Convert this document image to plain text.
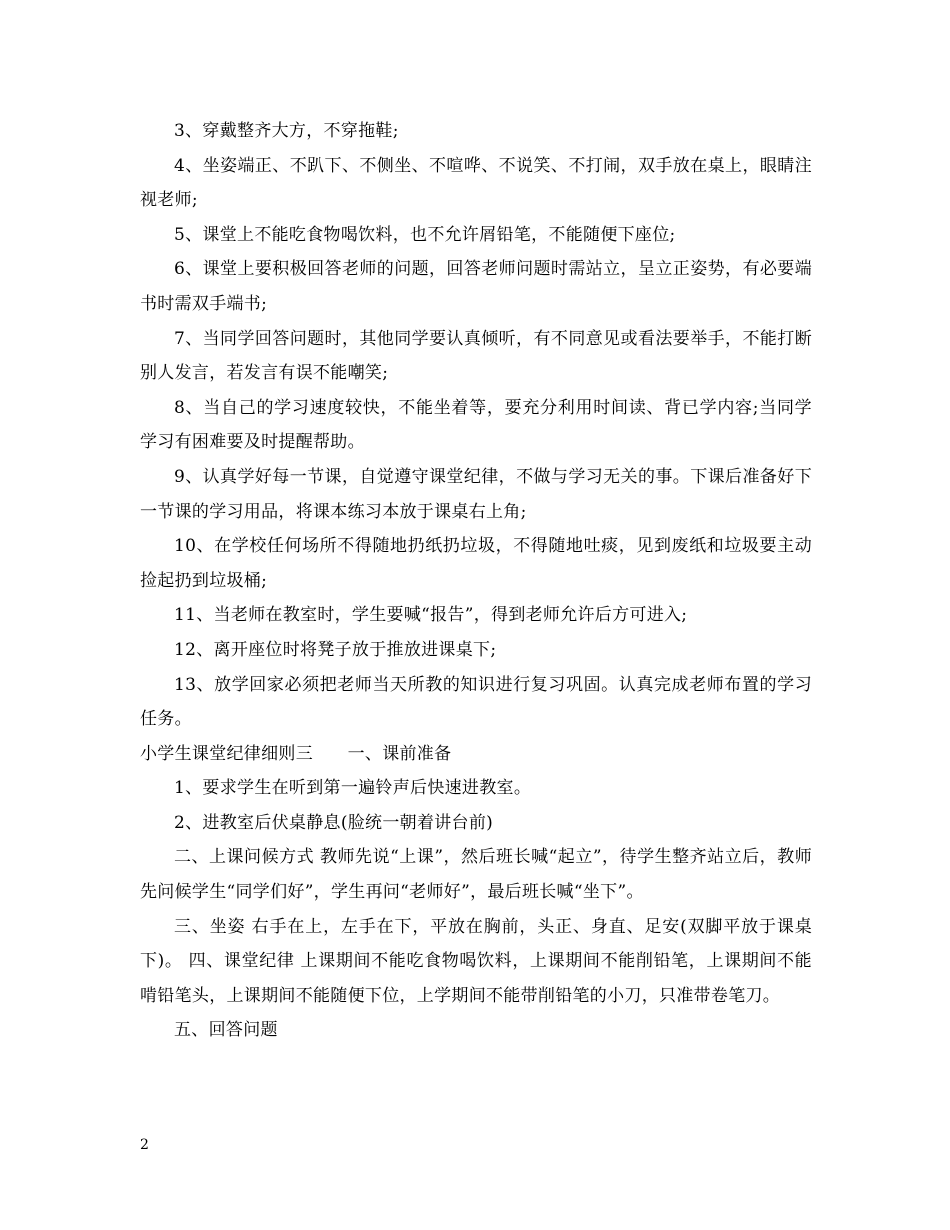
3、穿戴整齐大方，不穿拖鞋;

4、坐姿端正、不趴下、不侧坐、不喧哗、不说笑、不打闹，双手放在桌上，眼睛注视老师;

5、课堂上不能吃食物喝饮料，也不允许屑铅笔，不能随便下座位;

6、课堂上要积极回答老师的问题，回答老师问题时需站立，呈立正姿势，有必要端书时需双手端书;

7、当同学回答问题时，其他同学要认真倾听，有不同意见或看法要举手，不能打断别人发言，若发言有误不能嘲笑;

8、当自己的学习速度较快，不能坐着等，要充分利用时间读、背已学内容;当同学学习有困难要及时提醒帮助。

9、认真学好每一节课，自觉遵守课堂纪律，不做与学习无关的事。下课后准备好下一节课的学习用品，将课本练习本放于课桌右上角;

10、在学校任何场所不得随地扔纸扔垃圾，不得随地吐痰，见到废纸和垃圾要主动捡起扔到垃圾桶;

11、当老师在教室时，学生要喊“报告”，得到老师允许后方可进入;

12、离开座位时将凳子放于推放进课桌下;

13、放学回家必须把老师当天所教的知识进行复习巩固。认真完成老师布置的学习任务。

小学生课堂纪律细则三　　一、课前准备

1、要求学生在听到第一遍铃声后快速进教室。

2、进教室后伏桌静息(脸统一朝着讲台前)

二、上课问候方式 教师先说“上课”，然后班长喊“起立”，待学生整齐站立后，教师先问候学生“同学们好”，学生再问“老师好”，最后班长喊“坐下”。

三、坐姿 右手在上，左手在下，平放在胸前，头正、身直、足安(双脚平放于课桌下)。 四、课堂纪律 上课期间不能吃食物喝饮料，上课期间不能削铅笔，上课期间不能啃铅笔头，上课期间不能随便下位，上学期间不能带削铅笔的小刀，只准带卷笔刀。

五、回答问题

2
